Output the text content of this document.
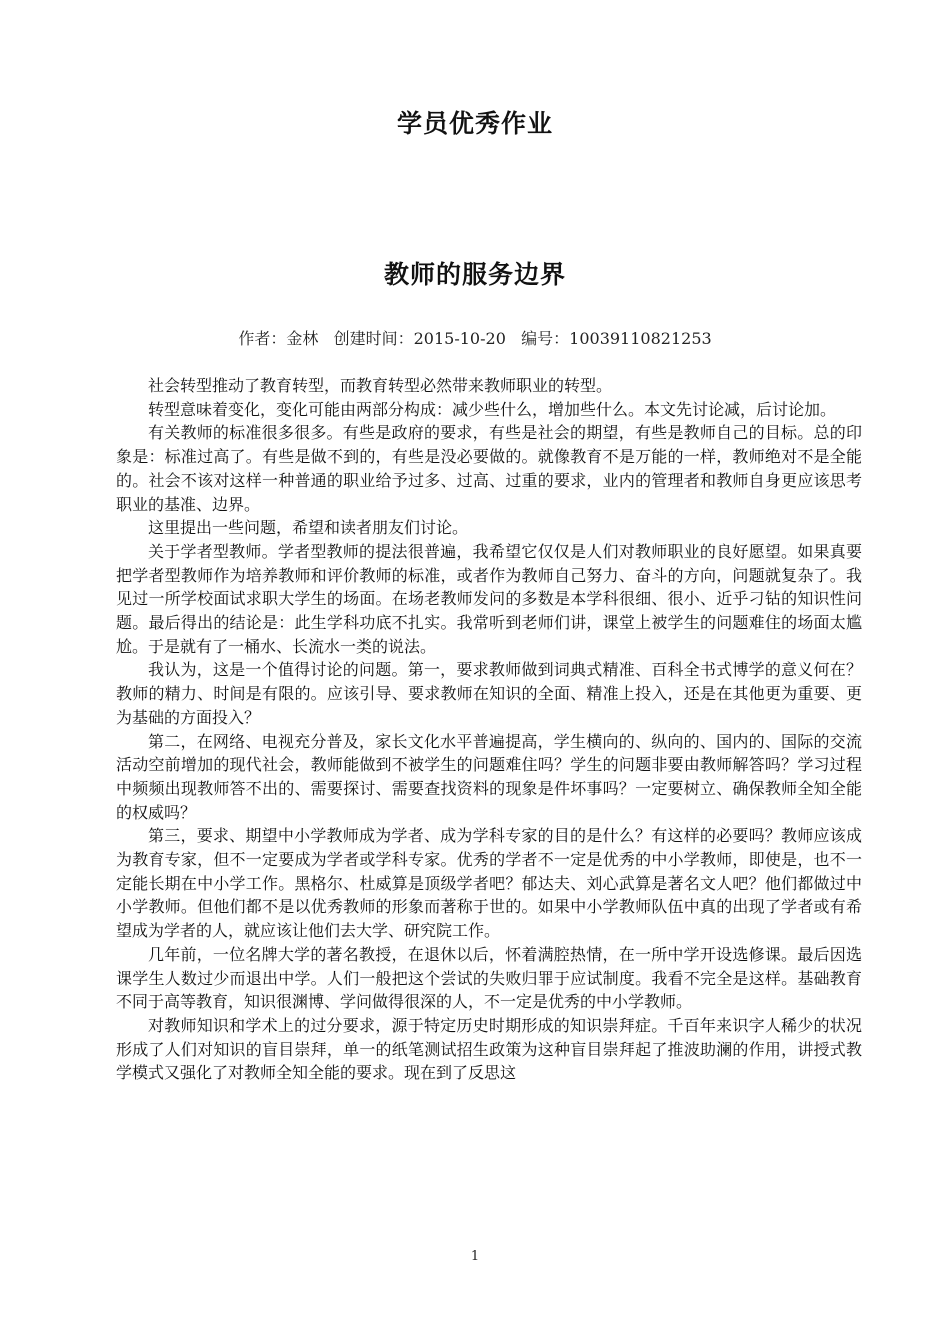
学员优秀作业
教师的服务边界
作者：金林 创建时间：2015-10-20 编号：10039110821253

社会转型推动了教育转型，而教育转型必然带来教师职业的转型。

转型意味着变化，变化可能由两部分构成：减少些什么，增加些什么。本文先讨论减，后讨论加。

有关教师的标准很多很多。有些是政府的要求，有些是社会的期望，有些是教师自己的目标。总的印象是：标准过高了。有些是做不到的，有些是没必要做的。就像教育不是万能的一样，教师绝对不是全能的。社会不该对这样一种普通的职业给予过多、过高、过重的要求，业内的管理者和教师自身更应该思考职业的基准、边界。

这里提出一些问题，希望和读者朋友们讨论。

关于学者型教师。学者型教师的提法很普遍，我希望它仅仅是人们对教师职业的良好愿望。如果真要把学者型教师作为培养教师和评价教师的标准，或者作为教师自己努力、奋斗的方向，问题就复杂了。我见过一所学校面试求职大学生的场面。在场老教师发问的多数是本学科很细、很小、近乎刁钻的知识性问题。最后得出的结论是：此生学科功底不扎实。我常听到老师们讲，课堂上被学生的问题难住的场面太尴尬。于是就有了一桶水、长流水一类的说法。

我认为，这是一个值得讨论的问题。第一，要求教师做到词典式精准、百科全书式博学的意义何在？教师的精力、时间是有限的。应该引导、要求教师在知识的全面、精准上投入，还是在其他更为重要、更为基础的方面投入？

第二，在网络、电视充分普及，家长文化水平普遍提高，学生横向的、纵向的、国内的、国际的交流活动空前增加的现代社会，教师能做到不被学生的问题难住吗？学生的问题非要由教师解答吗？学习过程中频频出现教师答不出的、需要探讨、需要查找资料的现象是件坏事吗？一定要树立、确保教师全知全能的权威吗？

第三，要求、期望中小学教师成为学者、成为学科专家的目的是什么？有这样的必要吗？教师应该成为教育专家，但不一定要成为学者或学科专家。优秀的学者不一定是优秀的中小学教师，即使是，也不一定能长期在中小学工作。黑格尔、杜威算是顶级学者吧？郁达夫、刘心武算是著名文人吧？他们都做过中小学教师。但他们都不是以优秀教师的形象而著称于世的。如果中小学教师队伍中真的出现了学者或有希望成为学者的人，就应该让他们去大学、研究院工作。

几年前，一位名牌大学的著名教授，在退休以后，怀着满腔热情，在一所中学开设选修课。最后因选课学生人数过少而退出中学。人们一般把这个尝试的失败归罪于应试制度。我看不完全是这样。基础教育不同于高等教育，知识很渊博、学问做得很深的人，不一定是优秀的中小学教师。

对教师知识和学术上的过分要求，源于特定历史时期形成的知识崇拜症。千百年来识字人稀少的状况形成了人们对知识的盲目崇拜，单一的纸笔测试招生政策为这种盲目崇拜起了推波助澜的作用，讲授式教学模式又强化了对教师全知全能的要求。现在到了反思这

1
